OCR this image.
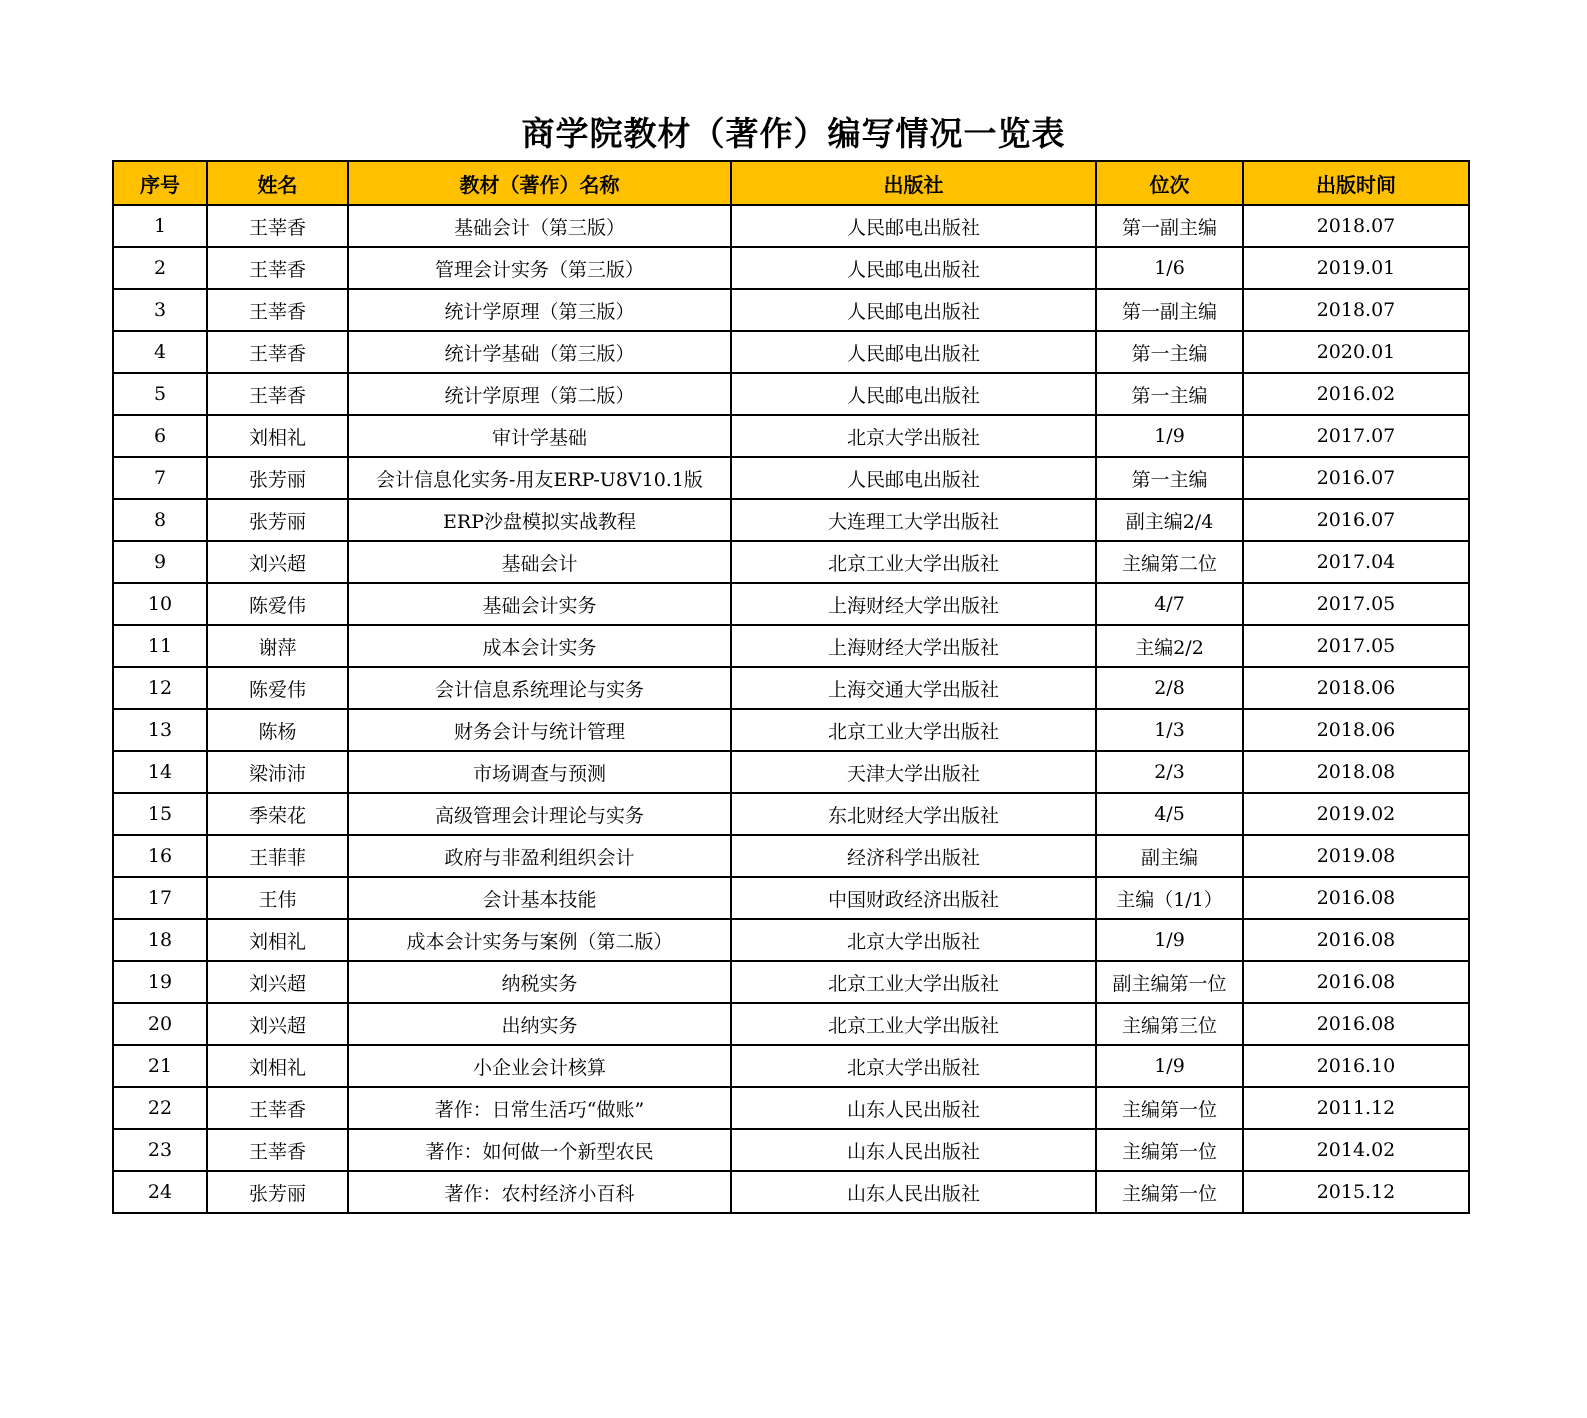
商学院教材（著作）编写情况一览表
序号	姓名	教材（著作）名称	出版社	位次	出版时间
1	王莘香	基础会计（第三版）	人民邮电出版社	第一副主编	2018.07
2	王莘香	管理会计实务（第三版）	人民邮电出版社	1/6	2019.01
3	王莘香	统计学原理（第三版）	人民邮电出版社	第一副主编	2018.07
4	王莘香	统计学基础（第三版）	人民邮电出版社	第一主编	2020.01
5	王莘香	统计学原理（第二版）	人民邮电出版社	第一主编	2016.02
6	刘相礼	审计学基础	北京大学出版社	1/9	2017.07
7	张芳丽	会计信息化实务-用友ERP-U8V10.1版	人民邮电出版社	第一主编	2016.07
8	张芳丽	ERP沙盘模拟实战教程	大连理工大学出版社	副主编2/4	2016.07
9	刘兴超	基础会计	北京工业大学出版社	主编第二位	2017.04
10	陈爱伟	基础会计实务	上海财经大学出版社	4/7	2017.05
11	谢萍	成本会计实务	上海财经大学出版社	主编2/2	2017.05
12	陈爱伟	会计信息系统理论与实务	上海交通大学出版社	2/8	2018.06
13	陈杨	财务会计与统计管理	北京工业大学出版社	1/3	2018.06
14	梁沛沛	市场调查与预测	天津大学出版社	2/3	2018.08
15	季荣花	高级管理会计理论与实务	东北财经大学出版社	4/5	2019.02
16	王菲菲	政府与非盈利组织会计	经济科学出版社	副主编	2019.08
17	王伟	会计基本技能	中国财政经济出版社	主编（1/1）	2016.08
18	刘相礼	成本会计实务与案例（第二版）	北京大学出版社	1/9	2016.08
19	刘兴超	纳税实务	北京工业大学出版社	副主编第一位	2016.08
20	刘兴超	出纳实务	北京工业大学出版社	主编第三位	2016.08
21	刘相礼	小企业会计核算	北京大学出版社	1/9	2016.10
22	王莘香	著作：日常生活巧“做账”	山东人民出版社	主编第一位	2011.12
23	王莘香	著作：如何做一个新型农民	山东人民出版社	主编第一位	2014.02
24	张芳丽	著作：农村经济小百科	山东人民出版社	主编第一位	2015.12
